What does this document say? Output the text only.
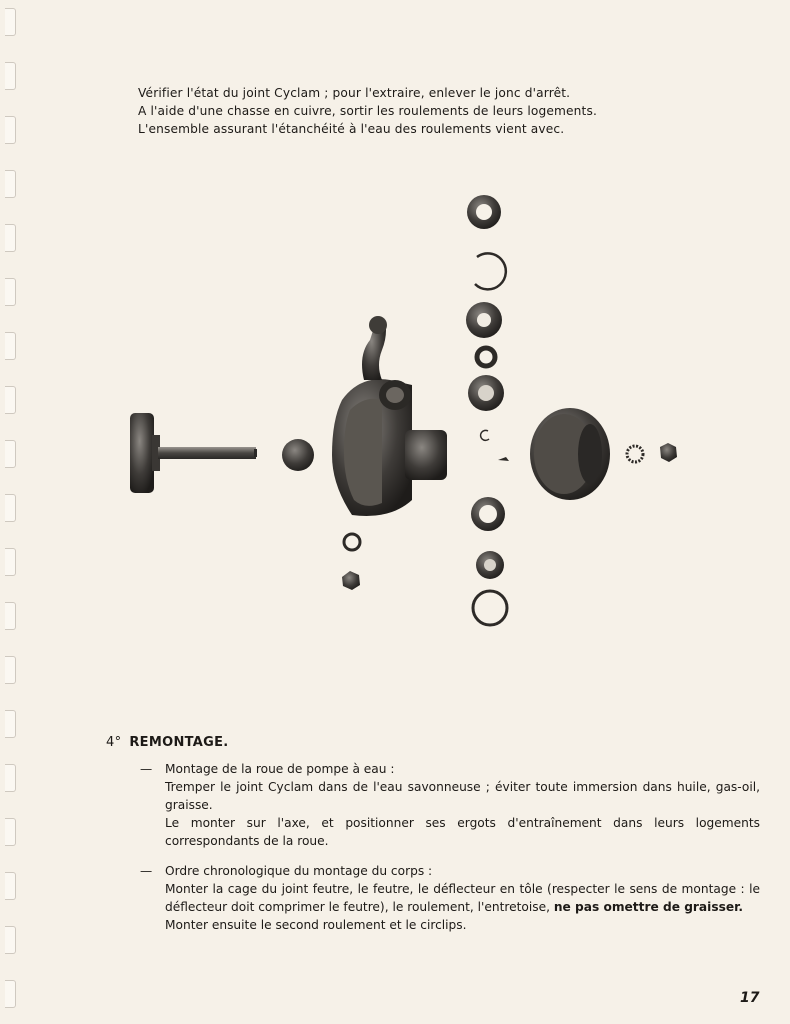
Vérifier l'état du joint Cyclam ; pour l'extraire, enlever le jonc d'arrêt.

A l'aide d'une chasse en cuivre, sortir les roulements de leurs logements.

L'ensemble assurant l'étanchéité à l'eau des roulements vient avec.

4° REMONTAGE.
— Montage de la roue de pompe à eau :

Tremper le joint Cyclam dans de l'eau savonneuse ; éviter toute immersion dans huile, gas-oil, graisse.

Le monter sur l'axe, et positionner ses ergots d'entraînement dans leurs logements correspondants de la roue.

— Ordre chronologique du montage du corps :

Monter la cage du joint feutre, le feutre, le déflecteur en tôle (respecter le sens de montage : le déflecteur doit comprimer le feutre), le roulement, l'entretoise, ne pas omettre de graisser.

Monter ensuite le second roulement et le circlips.

17
